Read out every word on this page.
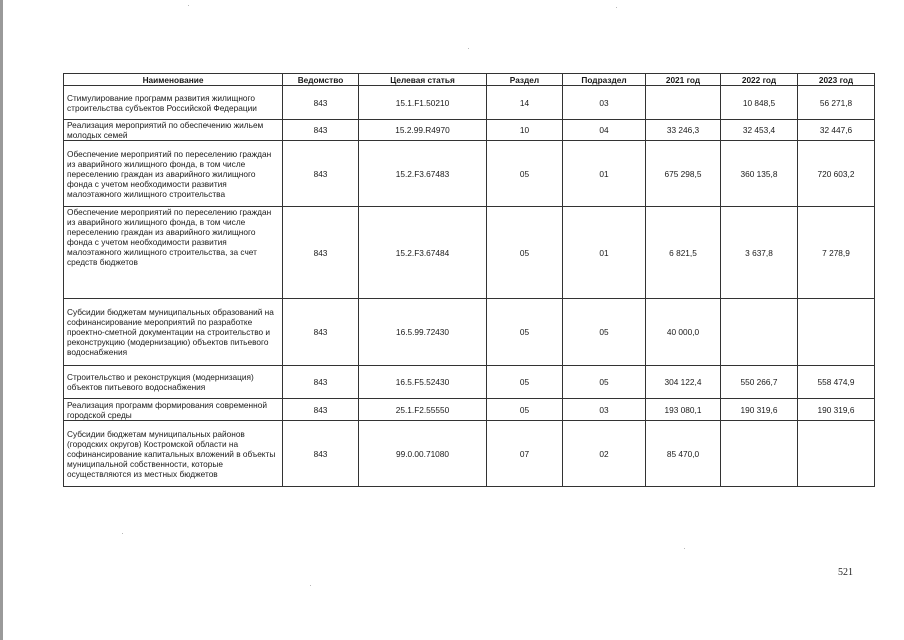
Наименование	Ведомство	Целевая статья	Раздел	Подраздел	2021 год	2022 год	2023 год
Стимулирование программ развития жилищного строительства субъектов Российской Федерации	843	15.1.F1.50210	14	03		10 848,5	56 271,8
Реализация мероприятий по обеспечению жильем молодых семей	843	15.2.99.R4970	10	04	33 246,3	32 453,4	32 447,6
Обеспечение мероприятий по переселению граждан из аварийного жилищного фонда, в том числе переселению граждан из аварийного жилищного фонда с учетом необходимости развития малоэтажного жилищного строительства	843	15.2.F3.67483	05	01	675 298,5	360 135,8	720 603,2
Обеспечение мероприятий по переселению граждан из аварийного жилищного фонда, в том числе переселению граждан из аварийного жилищного фонда с учетом необходимости развития малоэтажного жилищного строительства, за счет средств бюджетов	843	15.2.F3.67484	05	01	6 821,5	3 637,8	7 278,9
Субсидии бюджетам муниципальных образований на софинансирование мероприятий по разработке проектно-сметной документации на строительство и реконструкцию (модернизацию) объектов питьевого водоснабжения	843	16.5.99.72430	05	05	40 000,0		
Строительство и реконструкция (модернизация) объектов питьевого водоснабжения	843	16.5.F5.52430	05	05	304 122,4	550 266,7	558 474,9
Реализация программ формирования современной городской среды	843	25.1.F2.55550	05	03	193 080,1	190 319,6	190 319,6
Субсидии бюджетам муниципальных районов (городских округов) Костромской области на софинансирование капитальных вложений в объекты муниципальной собственности, которые осуществляются из местных бюджетов	843	99.0.00.71080	07	02	85 470,0		
521
